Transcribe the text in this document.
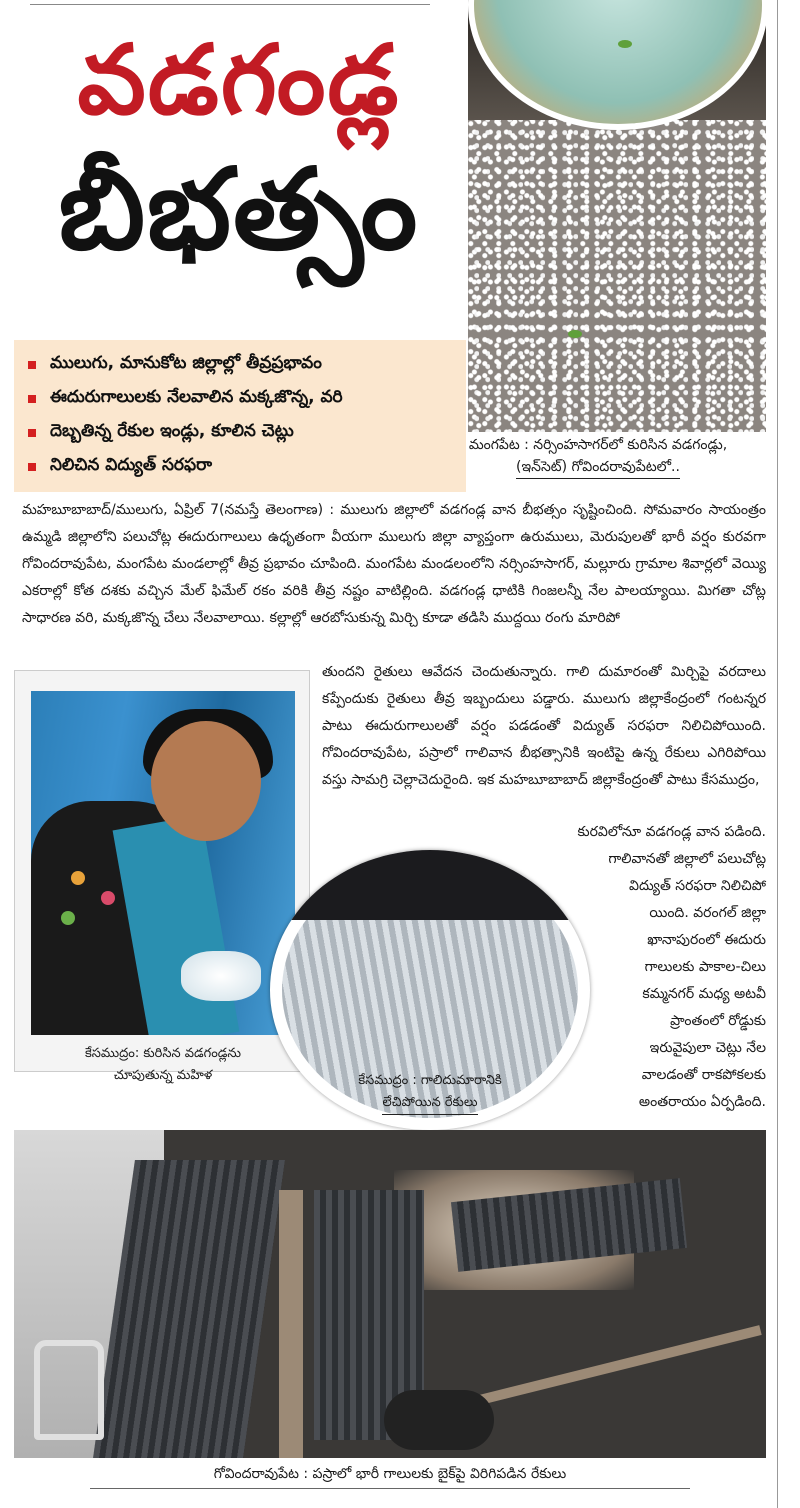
వడగండ్ల
బీభత్సం
మంగపేట : నర్సింహసాగర్‌లో కురిసిన వడగండ్లు,
(ఇన్‌సెట్) గోవిందరావుపేటలో..
ములుగు, మానుకోట జిల్లాల్లో తీవ్రప్రభావం
ఈదురుగాలులకు నేలవాలిన మక్కజొన్న, వరి
దెబ్బతిన్న రేకుల ఇండ్లు, కూలిన చెట్లు
నిలిచిన విద్యుత్ సరఫరా
మహబూబాబాద్/ములుగు, ఏప్రిల్ 7(నమస్తే తెలంగాణ) : ములుగు జిల్లాలో వడగండ్ల వాన బీభత్సం సృష్టించింది. సోమవారం సాయంత్రం ఉమ్మడి జిల్లాలోని పలుచోట్ల ఈదురుగాలులు ఉధృతంగా వీయగా ములుగు జిల్లా వ్యాప్తంగా ఉరుములు, మెరుపులతో భారీ వర్షం కురవగా గోవిందరావుపేట, మంగపేట మండలాల్లో తీవ్ర ప్రభావం చూపింది. మంగపేట మండలంలోని నర్సింహసాగర్, మల్లూరు గ్రామాల శివార్లలో వెయ్యి ఎకరాల్లో కోత దశకు వచ్చిన మేల్ ఫిమేల్ రకం వరికి తీవ్ర నష్టం వాటిల్లింది. వడగండ్ల ధాటికి గింజలన్నీ నేల పాలయ్యాయి. మిగతా చోట్ల సాధారణ వరి, మక్కజొన్న చేలు నేలవాలాయి. కల్లాల్లో ఆరబోసుకున్న మిర్చి కూడా తడిసి ముద్దయి రంగు మారిపో
తుందని రైతులు ఆవేదన చెందుతున్నారు. గాలి దుమారంతో మిర్చిపై వరదాలు కప్పేందుకు రైతులు తీవ్ర ఇబ్బందులు పడ్డారు. ములుగు జిల్లాకేంద్రంలో గంటన్నర పాటు ఈదురుగాలులతో వర్షం పడడంతో విద్యుత్ సరఫరా నిలిచిపోయింది. గోవిందరావుపేట, పస్రాలో గాలివాన బీభత్సానికి ఇంటిపై ఉన్న రేకులు ఎగిరిపోయి వస్తు సామగ్రి చెల్లాచెదురైంది. ఇక మహబూబాబాద్ జిల్లాకేంద్రంతో పాటు కేసముద్రం,
కురవిలోనూ వడగండ్ల వాన పడింది.
గాలివానతో జిల్లాలో పలుచోట్ల
విద్యుత్ సరఫరా నిలిచిపో
యింది. వరంగల్ జిల్లా
ఖానాపురంలో ఈదురు
గాలులకు పాకాల-చిలు
కమ్మనగర్ మధ్య అటవీ
ప్రాంతంలో రోడ్డుకు
ఇరువైపులా చెట్లు నేల
వాలడంతో రాకపోకలకు
అంతరాయం ఏర్పడింది.
కేసముద్రం: కురిసిన వడగండ్లను
చూపుతున్న మహిళ	కేసముద్రం : గాలిదుమారానికి
లేచిపోయిన రేకులు
గోవిందరావుపేట : పస్రాలో భారీ గాలులకు బైక్‌పై విరిగిపడిన రేకులు
